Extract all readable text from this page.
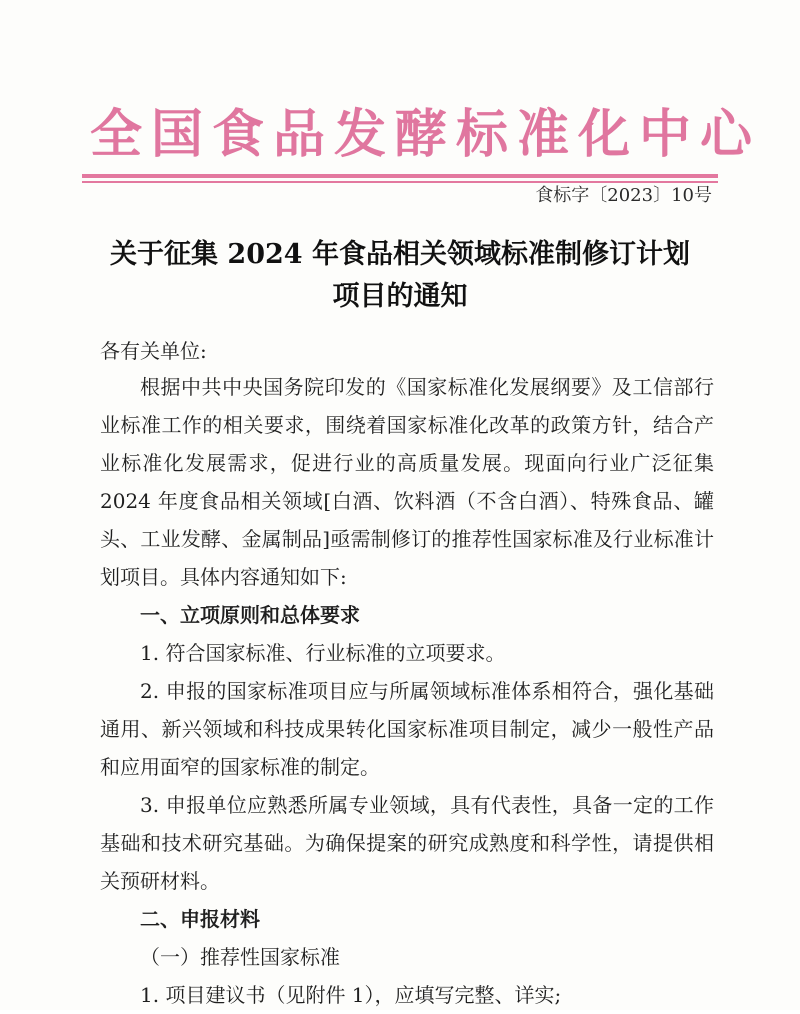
全国食品发酵标准化中心
食标字〔2023〕10号
关于征集 2024 年食品相关领域标准制修订计划
项目的通知
各有关单位:

根据中共中央国务院印发的《国家标准化发展纲要》及工信部行业标准工作的相关要求，围绕着国家标准化改革的政策方针，结合产业标准化发展需求，促进行业的高质量发展。现面向行业广泛征集 2024 年度食品相关领域[白酒、饮料酒（不含白酒）、特殊食品、罐头、工业发酵、金属制品]亟需制修订的推荐性国家标准及行业标准计划项目。具体内容通知如下:

一、立项原则和总体要求

1. 符合国家标准、行业标准的立项要求。

2. 申报的国家标准项目应与所属领域标准体系相符合，强化基础通用、新兴领域和科技成果转化国家标准项目制定，减少一般性产品和应用面窄的国家标准的制定。

3. 申报单位应熟悉所属专业领域，具有代表性，具备一定的工作基础和技术研究基础。为确保提案的研究成熟度和科学性，请提供相关预研材料。

二、申报材料

（一）推荐性国家标准

1. 项目建议书（见附件 1），应填写完整、详实;
